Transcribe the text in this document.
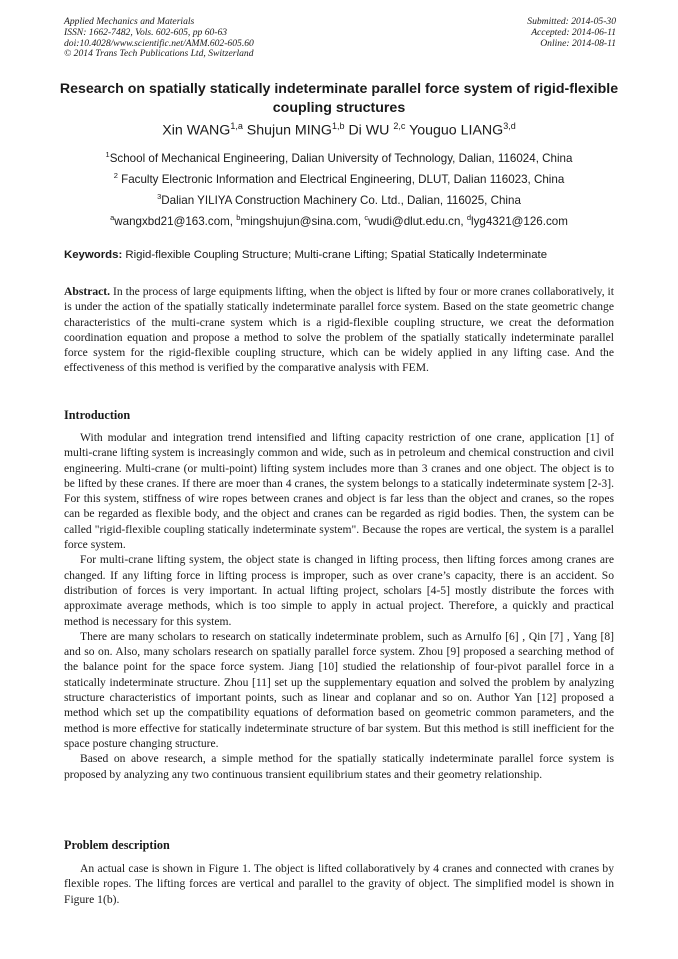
Applied Mechanics and Materials
ISSN: 1662-7482, Vols. 602-605, pp 60-63
doi:10.4028/www.scientific.net/AMM.602-605.60
© 2014 Trans Tech Publications Ltd, Switzerland
Submitted: 2014-05-30
Accepted: 2014-06-11
Online: 2014-08-11
Research on spatially statically indeterminate parallel force system of rigid-flexible coupling structures
Xin WANG$^{1,a}$ Shujun MING$^{1,b}$ Di WU $^{2,c}$ Youguo LIANG$^{3,d}$
$^1$School of Mechanical Engineering, Dalian University of Technology, Dalian, 116024, China
$^2$ Faculty Electronic Information and Electrical Engineering, DLUT, Dalian 116023, China
$^3$Dalian YILIYA Construction Machinery Co. Ltd., Dalian, 116025, China
$^a$wangxbd21@163.com, $^b$mingshujun@sina.com, $^c$wudi@dlut.edu.cn, $^d$lyg4321@126.com
Keywords: Rigid-flexible Coupling Structure; Multi-crane Lifting; Spatial Statically Indeterminate

Abstract. In the process of large equipments lifting, when the object is lifted by four or more cranes collaboratively, it is under the action of the spatially statically indeterminate parallel force system. Based on the state geometric change characteristics of the multi-crane system which is a rigid-flexible coupling structure, we creat the deformation coordination equation and propose a method to solve the problem of the spatially statically indeterminate parallel force system for the rigid-flexible coupling structure, which can be widely applied in any lifting case. And the effectiveness of this method is verified by the comparative analysis with FEM.

Introduction

With modular and integration trend intensified and lifting capacity restriction of one crane, application [1] of multi-crane lifting system is increasingly common and wide, such as in petroleum and chemical construction and civil engineering. Multi-crane (or multi-point) lifting system includes more than 3 cranes and one object. The object is to be lifted by these cranes. If there are moer than 4 cranes, the system belongs to a statically indeterminate system [2-3]. For this system, stiffness of wire ropes between cranes and object is far less than the object and cranes, so the ropes can be regarded as flexible body, and the object and cranes can be regarded as rigid bodies. Then, the system can be called "rigid-flexible coupling statically indeterminate system". Because the ropes are vertical, the system is a parallel force system.

For multi-crane lifting system, the object state is changed in lifting process, then lifting forces among cranes are changed. If any lifting force in lifting process is improper, such as over crane’s capacity, there is an accident. So distribution of forces is very important. In actual lifting project, scholars [4-5] mostly distribute the forces with approximate average methods, which is too simple to apply in actual project. Therefore, a quickly and practical method is necessary for this system.

There are many scholars to research on statically indeterminate problem, such as Arnulfo [6] , Qin [7] , Yang [8] and so on. Also, many scholars research on spatially parallel force system. Zhou [9] proposed a searching method of the balance point for the space force system. Jiang [10] studied the relationship of four-pivot parallel force in a statically indeterminate structure. Zhou [11] set up the supplementary equation and solved the problem by analyzing structure characteristics of important points, such as linear and coplanar and so on. Author Yan [12] proposed a method which set up the compatibility equations of deformation based on geometric common parameters, and the method is more effective for statically indeterminate structure of bar system. But this method is still inefficient for the space posture changing structure.

Based on above research, a simple method for the spatially statically indeterminate parallel force system is proposed by analyzing any two continuous transient equilibrium states and their geometry relationship.

Problem description

An actual case is shown in Figure 1. The object is lifted collaboratively by 4 cranes and connected with cranes by flexible ropes. The lifting forces are vertical and parallel to the gravity of object. The simplified model is shown in Figure 1(b).
